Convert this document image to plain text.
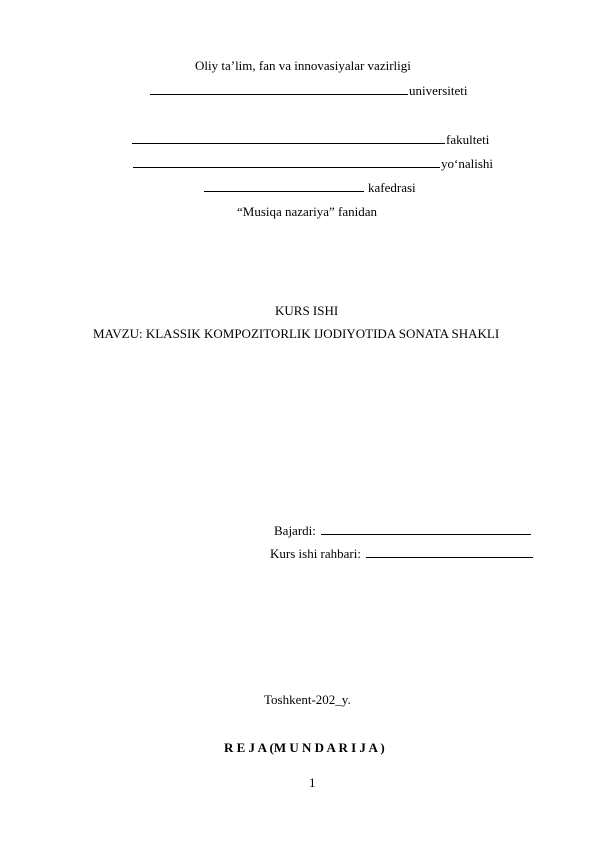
Oliy ta’lim, fan va innovasiyalar vazirligi
universiteti
fakulteti
yo‘nalishi
kafedrasi
“Musiqa nazariya” fanidan
KURS ISHI
MAVZU: KLASSIK KOMPOZITORLIK IJODIYOTIDA SONATA SHAKLI
Bajardi:
Kurs ishi rahbari:
Toshkent-202_y.
R E J A (M U N D A R I J A )
1
